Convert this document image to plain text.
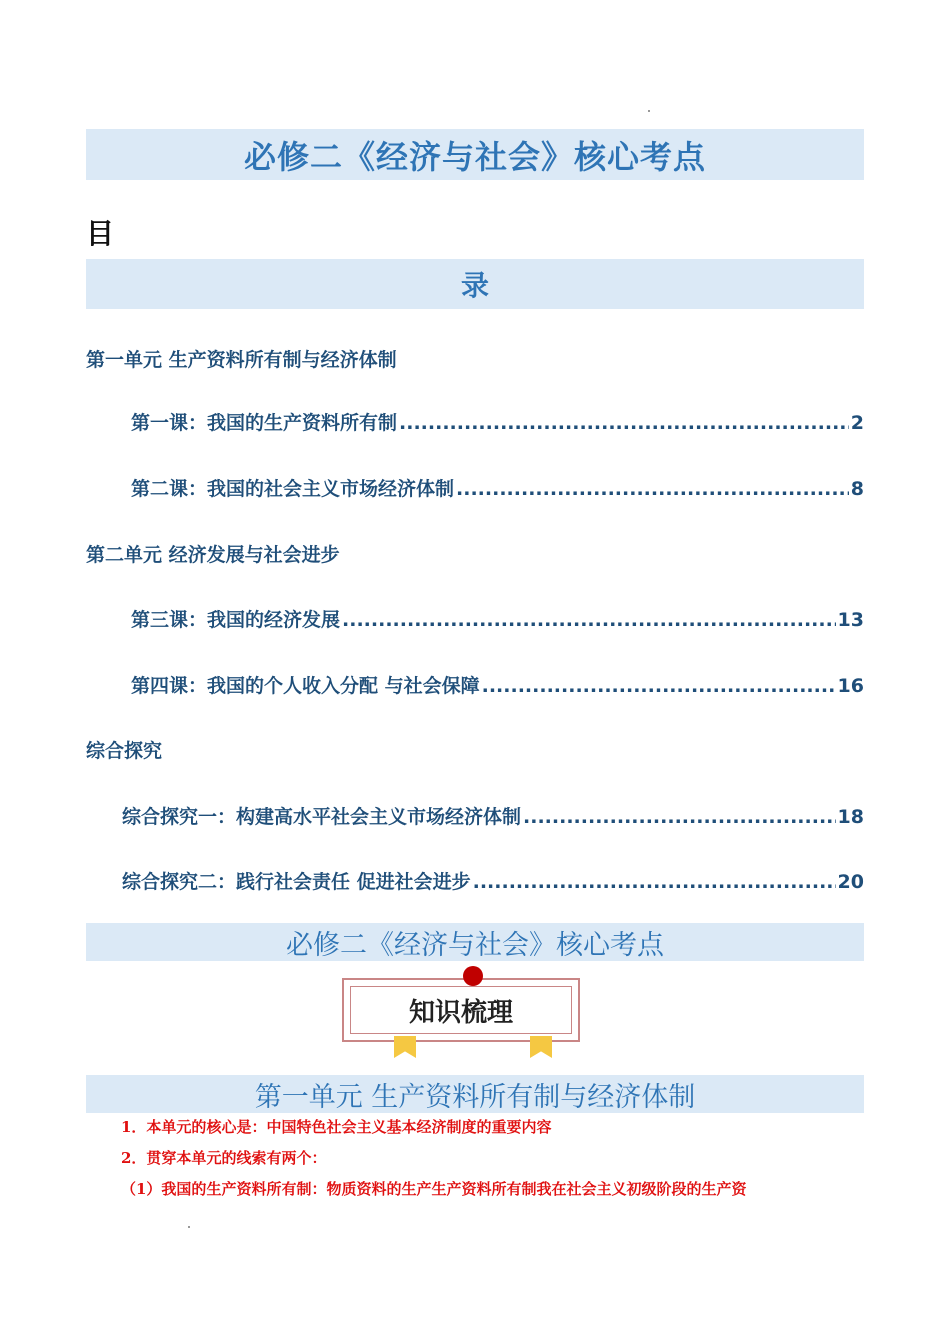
必修二《经济与社会》核心考点
目
录
第一单元 生产资料所有制与经济体制
第一课：我国的生产资料所有制 .....	2
第二课：我国的社会主义市场经济体制 .....	8
第二单元 经济发展与社会进步
第三课：我国的经济发展 .....	13
第四课：我国的个人收入分配 与社会保障 .....	16
综合探究
综合探究一：构建高水平社会主义市场经济体制 .....	18
综合探究二：践行社会责任 促进社会进步 .....	20
必修二《经济与社会》核心考点
知识梳理
第一单元 生产资料所有制与经济体制
1．本单元的核心是：中国特色社会主义基本经济制度的重要内容
2．贯穿本单元的线索有两个：
（1）我国的生产资料所有制：物质资料的生产生产资料所有制我在社会主义初级阶段的生产资
